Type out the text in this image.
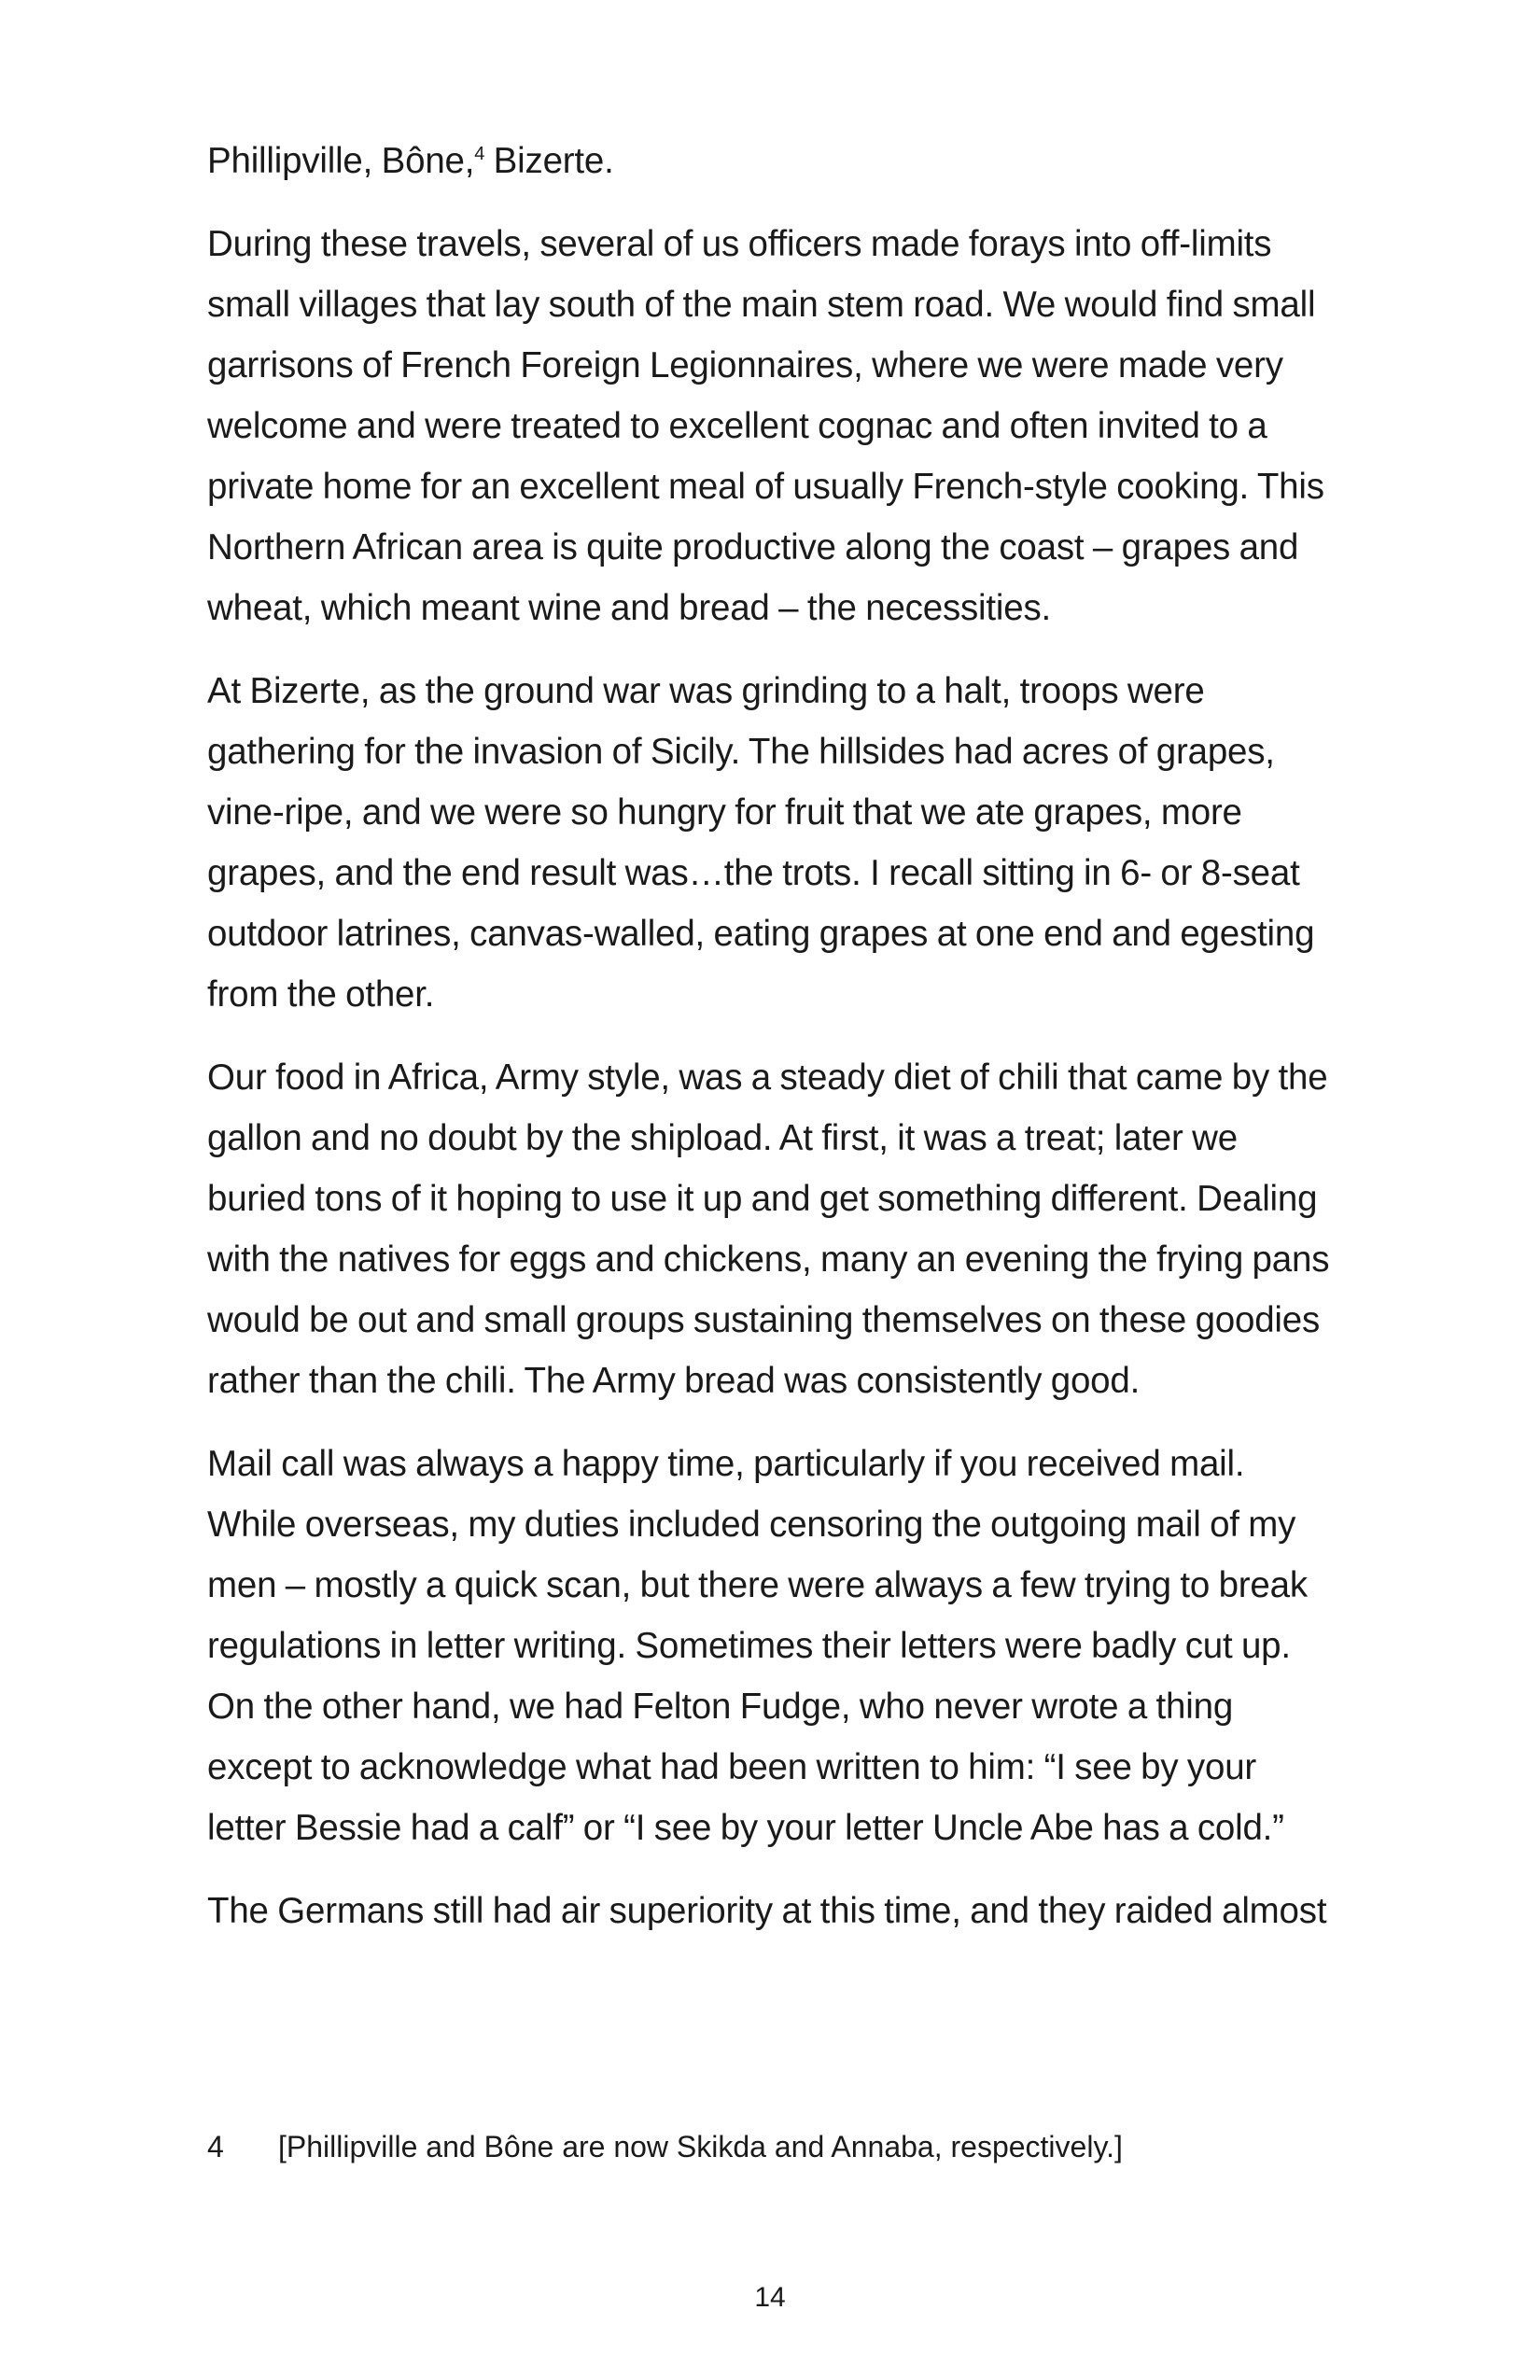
Phillipville, Bône,$^4$ Bizerte.

During these travels, several of us officers made forays into off-limits small villages that lay south of the main stem road. We would find small garrisons of French Foreign Legionnaires, where we were made very welcome and were treated to excellent cognac and often invited to a private home for an excellent meal of usually French-style cooking. This Northern African area is quite productive along the coast – grapes and wheat, which meant wine and bread – the necessities.

At Bizerte, as the ground war was grinding to a halt, troops were gathering for the invasion of Sicily. The hillsides had acres of grapes, vine-ripe, and we were so hungry for fruit that we ate grapes, more grapes, and the end result was…the trots. I recall sitting in 6- or 8-seat outdoor latrines, canvas-walled, eating grapes at one end and egesting from the other.

Our food in Africa, Army style, was a steady diet of chili that came by the gallon and no doubt by the shipload. At first, it was a treat; later we buried tons of it hoping to use it up and get something different. Dealing with the natives for eggs and chickens, many an evening the frying pans would be out and small groups sustaining themselves on these goodies rather than the chili. The Army bread was consistently good.

Mail call was always a happy time, particularly if you received mail. While overseas, my duties included censoring the outgoing mail of my men – mostly a quick scan, but there were always a few trying to break regulations in letter writing. Sometimes their letters were badly cut up. On the other hand, we had Felton Fudge, who never wrote a thing except to acknowledge what had been written to him: “I see by your letter Bessie had a calf” or “I see by your letter Uncle Abe has a cold.”

The Germans still had air superiority at this time, and they raided almost

4	[Phillipville and Bône are now Skikda and Annaba, respectively.]
14
